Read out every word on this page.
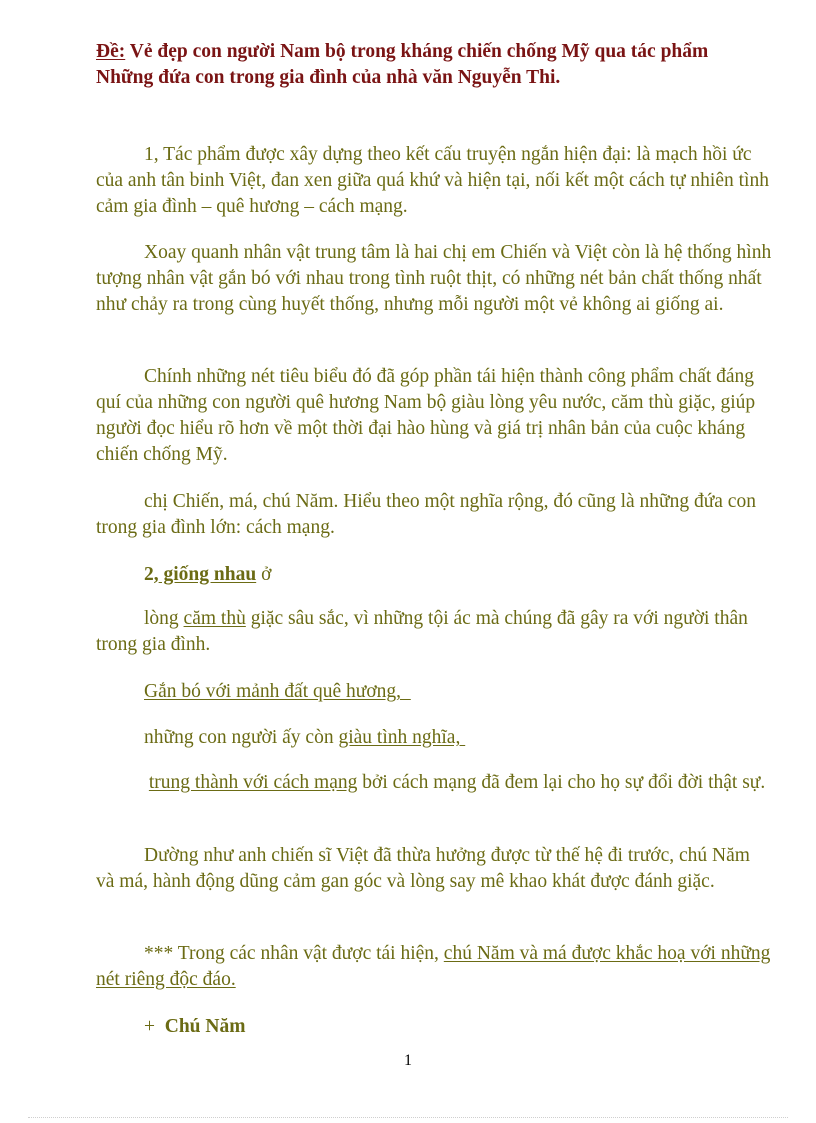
Đề: Vẻ đẹp con người Nam bộ trong kháng chiến chống Mỹ qua tác phẩm
Những đứa con trong gia đình của nhà văn Nguyễn Thi.
1, Tác phẩm được xây dựng theo kết cấu truyện ngắn hiện đại: là mạch hồi ức của anh tân binh Việt, đan xen giữa quá khứ và hiện tại, nối kết một cách tự nhiên tình cảm gia đình – quê hương – cách mạng.
Xoay quanh nhân vật trung tâm là hai chị em Chiến và Việt còn là hệ thống hình tượng nhân vật gắn bó với nhau trong tình ruột thịt, có những nét bản chất thống nhất như chảy ra trong cùng huyết thống, nhưng mỗi người một vẻ không ai giống ai.
Chính những nét tiêu biểu đó đã góp phần tái hiện thành công phẩm chất đáng quí của những con người quê hương Nam bộ giàu lòng yêu nước, căm thù giặc, giúp người đọc hiểu rõ hơn về một thời đại hào hùng và giá trị nhân bản của cuộc kháng chiến chống Mỹ.
chị Chiến, má, chú Năm. Hiểu theo một nghĩa rộng, đó cũng là những đứa con trong gia đình lớn: cách mạng.
2, giống nhau ở
lòng căm thù giặc sâu sắc, vì những tội ác mà chúng đã gây ra với người thân trong gia đình.
Gắn bó với mảnh đất quê hương,
những con người ấy còn giàu tình nghĩa,
trung thành với cách mạng bởi cách mạng đã đem lại cho họ sự đổi đời thật sự.
Dường như anh chiến sĩ Việt đã thừa hưởng được từ thế hệ đi trước, chú Năm và má, hành động dũng cảm gan góc và lòng say mê khao khát được đánh giặc.
*** Trong các nhân vật được tái hiện, chú Năm và má được khắc hoạ với những nét riêng độc đáo.
+ Chú Năm
1
